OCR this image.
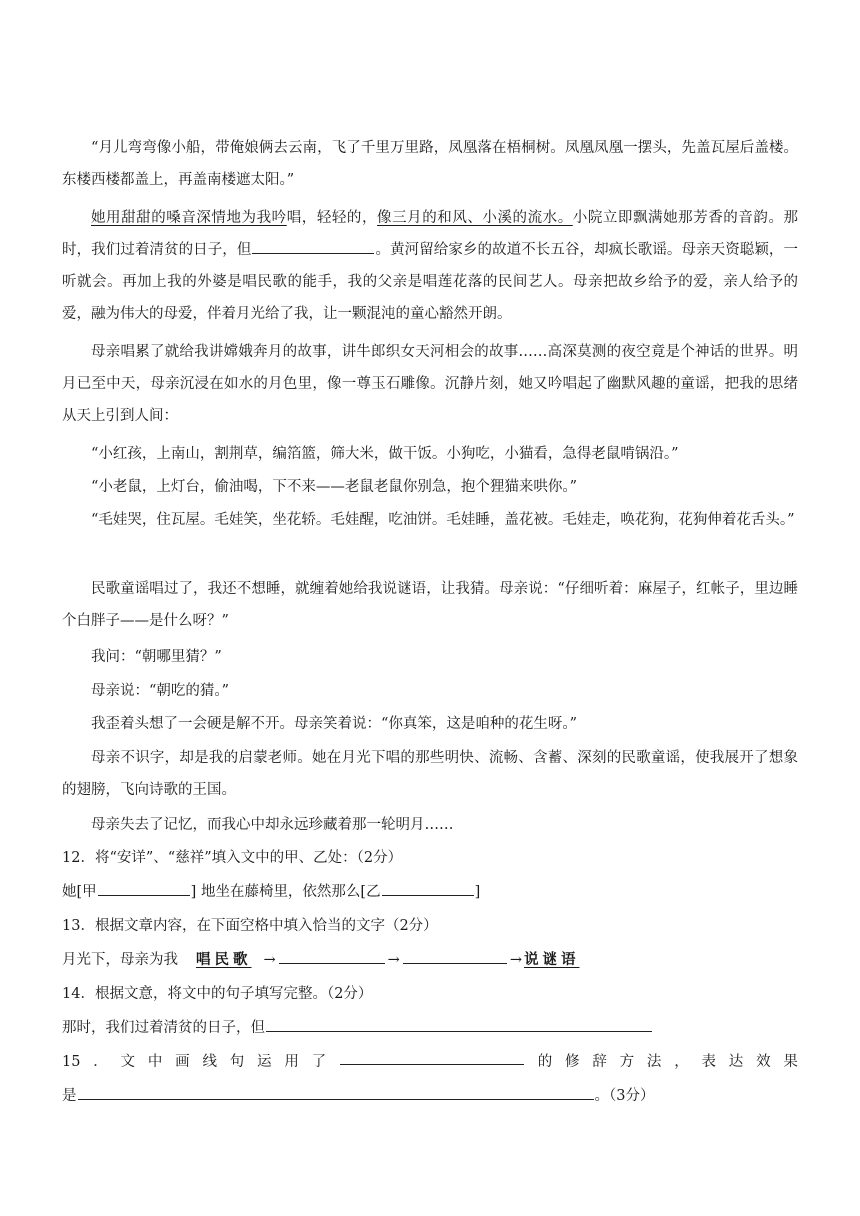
“月儿弯弯像小船，带俺娘俩去云南，飞了千里万里路，凤凰落在梧桐树。凤凰凤凰一摆头，先盖瓦屋后盖楼。东楼西楼都盖上，再盖南楼遮太阳。”

她用甜甜的嗓音深情地为我吟唱，轻轻的，像三月的和风、小溪的流水。小院立即飘满她那芳香的音韵。那时，我们过着清贫的日子，但	。黄河留给家乡的故道不长五谷，却疯长歌谣。母亲天资聪颖，一听就会。再加上我的外婆是唱民歌的能手，我的父亲是唱莲花落的民间艺人。母亲把故乡给予的爱，亲人给予的爱，融为伟大的母爱，伴着月光给了我，让一颗混沌的童心豁然开朗。

母亲唱累了就给我讲嫦娥奔月的故事，讲牛郎织女天河相会的故事……高深莫测的夜空竟是个神话的世界。明月已至中天，母亲沉浸在如水的月色里，像一尊玉石雕像。沉静片刻，她又吟唱起了幽默风趣的童谣，把我的思绪从天上引到人间：

“小红孩，上南山，割荆草，编箔篮，筛大米，做干饭。小狗吃，小猫看，急得老鼠啃锅沿。”

“小老鼠，上灯台，偷油喝，下不来——老鼠老鼠你别急，抱个狸猫来哄你。”

“毛娃哭，住瓦屋。毛娃笑，坐花轿。毛娃醒，吃油饼。毛娃睡，盖花被。毛娃走，唤花狗，花狗伸着花舌头。”

民歌童谣唱过了，我还不想睡，就缠着她给我说谜语，让我猜。母亲说：“仔细听着：麻屋子，红帐子，里边睡个白胖子——是什么呀？”

我问：“朝哪里猜？”

母亲说：“朝吃的猜。”

我歪着头想了一会硬是解不开。母亲笑着说：“你真笨，这是咱种的花生呀。”

母亲不识字，却是我的启蒙老师。她在月光下唱的那些明快、流畅、含蓄、深刻的民歌童谣，使我展开了想象的翅膀，飞向诗歌的王国。

母亲失去了记忆，而我心中却永远珍藏着那一轮明月……

12．将“安详”、“慈祥”填入文中的甲、乙处：（2分）

她[甲	] 地坐在藤椅里，依然那么[乙	]

13．根据文章内容，在下面空格中填入恰当的文字（2分）

月光下，母亲为我 唱民歌 →	→	→ 说谜语

14．根据文意，将文中的句子填写完整。（2分）

那时，我们过着清贫的日子，但

15 ． 文 中 画 线 句 运 用 了	的 修 辞 方 法 ， 表 达 效 果

是	。（3分）
